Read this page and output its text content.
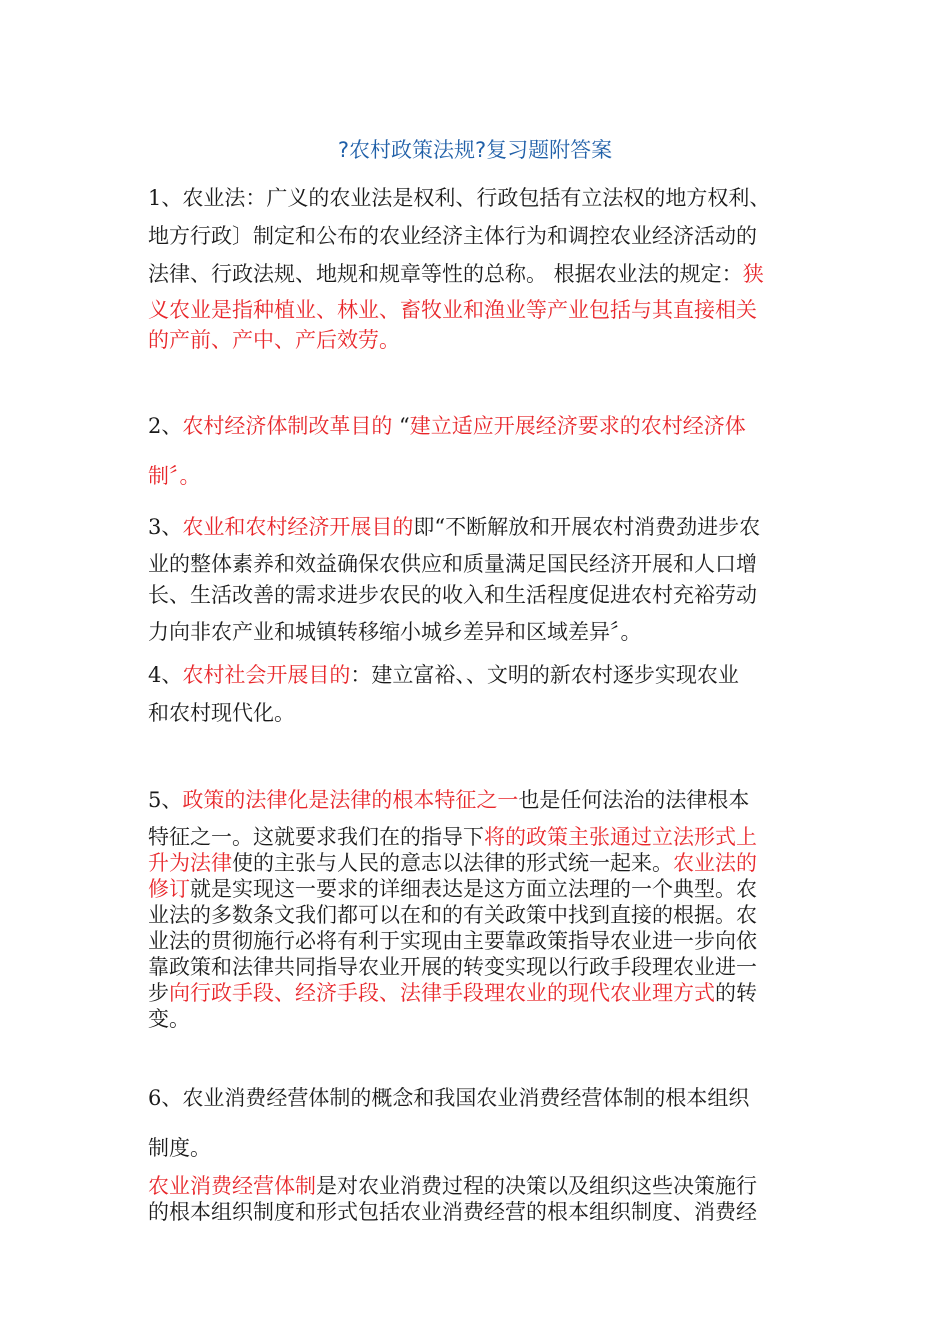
?农村政策法规?复习题附答案
1、农业法：广义的农业法是权利、行政包括有立法权的地方权利、
地方行政〕制定和公布的农业经济主体行为和调控农业经济活动的
法律、行政法规、地规和规章等性的总称。 根据农业法的规定：狭
义农业是指种植业、林业、畜牧业和渔业等产业包括与其直接相关
的产前、产中、产后效劳。
2、农村经济体制改革目的 “建立适应开展经济要求的农村经济体
制〞。
3、农业和农村经济开展目的即“不断解放和开展农村消费劲进步农
业的整体素养和效益确保农供应和质量满足国民经济开展和人口增
长、生活改善的需求进步农民的收入和生活程度促进农村充裕劳动
力向非农产业和城镇转移缩小城乡差异和区域差异〞。
4、农村社会开展目的：建立富裕、、文明的新农村逐步实现农业
和农村现代化。
5、政策的法律化是法律的根本特征之一也是任何法治的法律根本
特征之一。这就要求我们在的指导下将的政策主张通过立法形式上
升为法律使的主张与人民的意志以法律的形式统一起来。农业法的
修订就是实现这一要求的详细表达是这方面立法理的一个典型。农
业法的多数条文我们都可以在和的有关政策中找到直接的根据。农
业法的贯彻施行必将有利于实现由主要靠政策指导农业进一步向依
靠政策和法律共同指导农业开展的转变实现以行政手段理农业进一
步向行政手段、经济手段、法律手段理农业的现代农业理方式的转
变。
6、农业消费经营体制的概念和我国农业消费经营体制的根本组织
制度。
农业消费经营体制是对农业消费过程的决策以及组织这些决策施行
的根本组织制度和形式包括农业消费经营的根本组织制度、消费经
